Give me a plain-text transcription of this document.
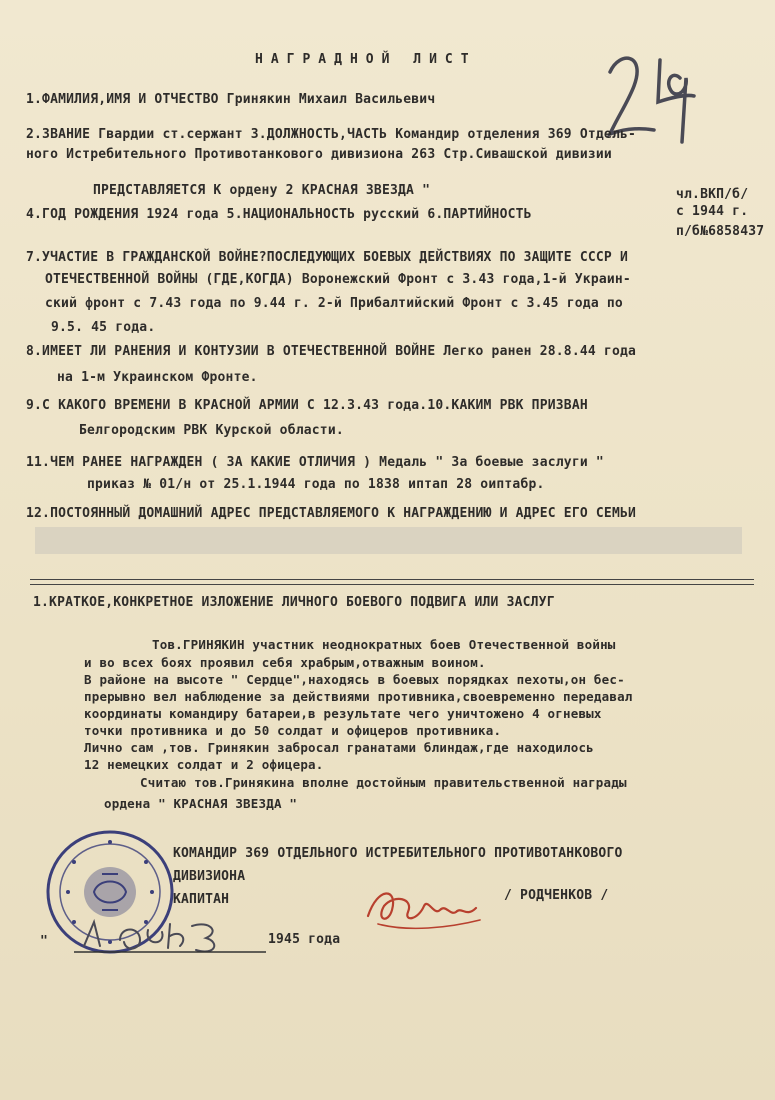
НАГРАДНОЙ ЛИСТ
1.ФАМИЛИЯ,ИМЯ И ОТЧЕСТВО Гринякин Михаил Васильевич
2.ЗВАНИЕ Гвардии ст.сержант 3.ДОЛЖНОСТЬ,ЧАСТЬ Командир отделения 369 Отдель-
ного Истребительного Противотанкового дивизиона 263 Стр.Сивашской дивизии
ПРЕДСТАВЛЯЕТСЯ К ордену 2 КРАСНАЯ ЗВЕЗДА "	чл.ВКП/б/
4.ГОД РОЖДЕНИЯ 1924 года 5.НАЦИОНАЛЬНОСТЬ русский 6.ПАРТИЙНОСТЬ	с 1944 г.
п/б№6858437
7.УЧАСТИЕ В ГРАЖДАНСКОЙ ВОЙНЕ?ПОСЛЕДУЮЩИХ БОЕВЫХ ДЕЙСТВИЯХ ПО ЗАЩИТЕ СССР И
ОТЕЧЕСТВЕННОЙ ВОЙНЫ (ГДЕ,КОГДА) Воронежский Фронт с 3.43 года,1-й Украин-
ский фронт с 7.43 года по 9.44 г. 2-й Прибалтийский Фронт с 3.45 года по
9.5. 45 года.
8.ИМЕЕТ ЛИ РАНЕНИЯ И КОНТУЗИИ В ОТЕЧЕСТВЕННОЙ ВОЙНЕ Легко ранен 28.8.44 года
на 1-м Украинском Фронте.
9.С КАКОГО ВРЕМЕНИ В КРАСНОЙ АРМИИ С 12.3.43 года.10.КАКИМ РВК ПРИЗВАН
Белгородским РВК Курской области.
11.ЧЕМ РАНЕЕ НАГРАЖДЕН ( ЗА КАКИЕ ОТЛИЧИЯ ) Медаль " За боевые заслуги "
приказ № 01/н от 25.1.1944 года по 1838 иптап 28 оиптабр.
12.ПОСТОЯННЫЙ ДОМАШНИЙ АДРЕС ПРЕДСТАВЛЯЕМОГО К НАГРАЖДЕНИЮ И АДРЕС ЕГО СЕМЬИ
1.КРАТКОЕ,КОНКРЕТНОЕ ИЗЛОЖЕНИЕ ЛИЧНОГО БОЕВОГО ПОДВИГА ИЛИ ЗАСЛУГ
Тов.ГРИНЯКИН участник неоднократных боев Отечественной войны
и во всех боях проявил себя храбрым,отважным воином.
В районе на высоте " Сердце",находясь в боевых порядках пехоты,он бес-
прерывно вел наблюдение за действиями противника,своевременно передавал
координаты командиру батареи,в результате чего уничтожено 4 огневых
точки противника и до 50 солдат и офицеров противника.
Лично сам ,тов. Гринякин забросал гранатами блиндаж,где находилось
12 немецких солдат и 2 офицера.
Считаю тов.Гринякина вполне достойным правительственной награды
ордена " КРАСНАЯ ЗВЕЗДА "
КОМАНДИР 369 ОТДЕЛЬНОГО ИСТРЕБИТЕЛЬНОГО ПРОТИВОТАНКОВОГО
ДИВИЗИОНА
КАПИТАН	/ РОДЧЕНКОВ /
"	1945 года
